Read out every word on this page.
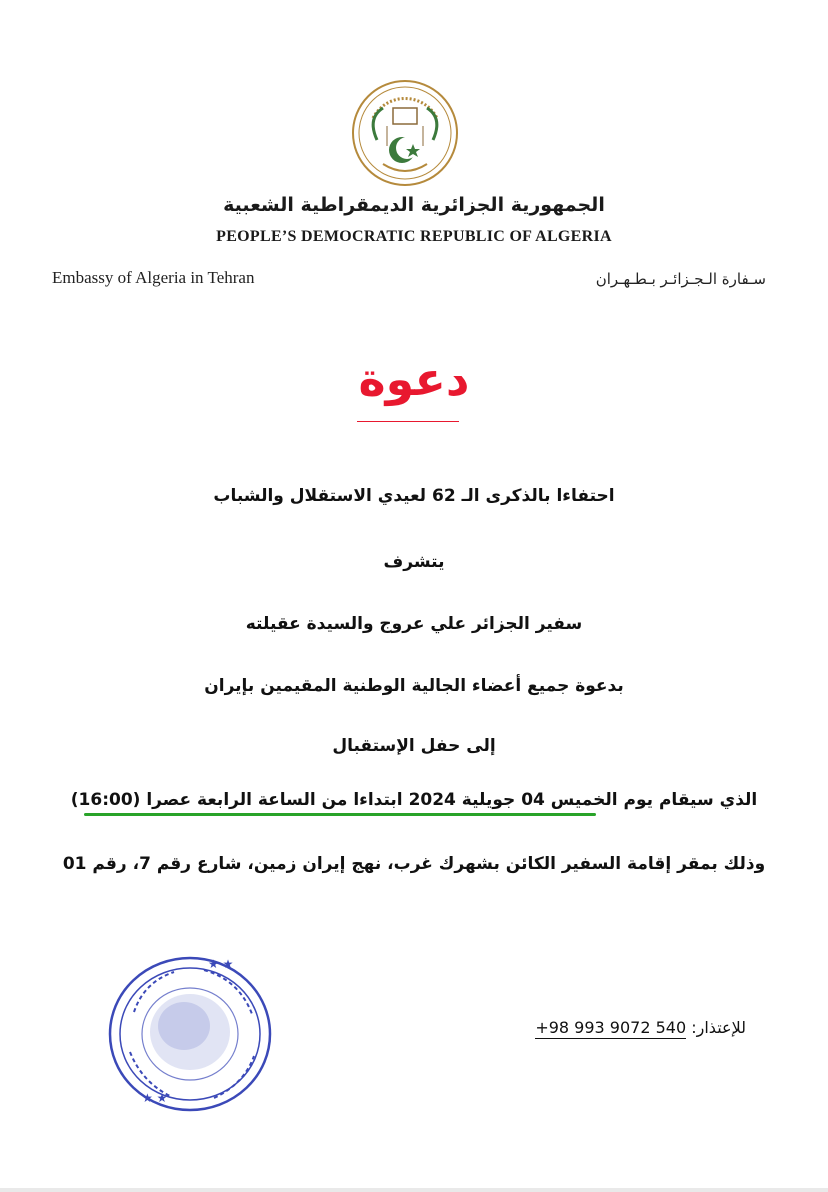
الجمهورية الجزائرية الديمقراطية الشعبية
PEOPLE’S DEMOCRATIC REPUBLIC OF ALGERIA
Embassy of Algeria in Tehran	سـفارة الـجـزائـر بـطـهـران
دعوة
احتفاءا بالذكرى الـ 62 لعيدي الاستقلال والشباب
يتشرف
سفير الجزائر علي عروج والسيدة عقيلته
بدعوة جميع أعضاء الجالية الوطنية المقيمين بإيران
إلى حفل الإستقبال
الذي سيقام يوم الخميس 04 جويلية 2024 ابتداءا من الساعة الرابعة عصرا (16:00)
وذلك بمقر إقامة السفير الكائن بشهرك غرب، نهج إيران زمين، شارع رقم 7، رقم 01
للإعتذار: +98 993 9072 540
★ ★
★ ★
